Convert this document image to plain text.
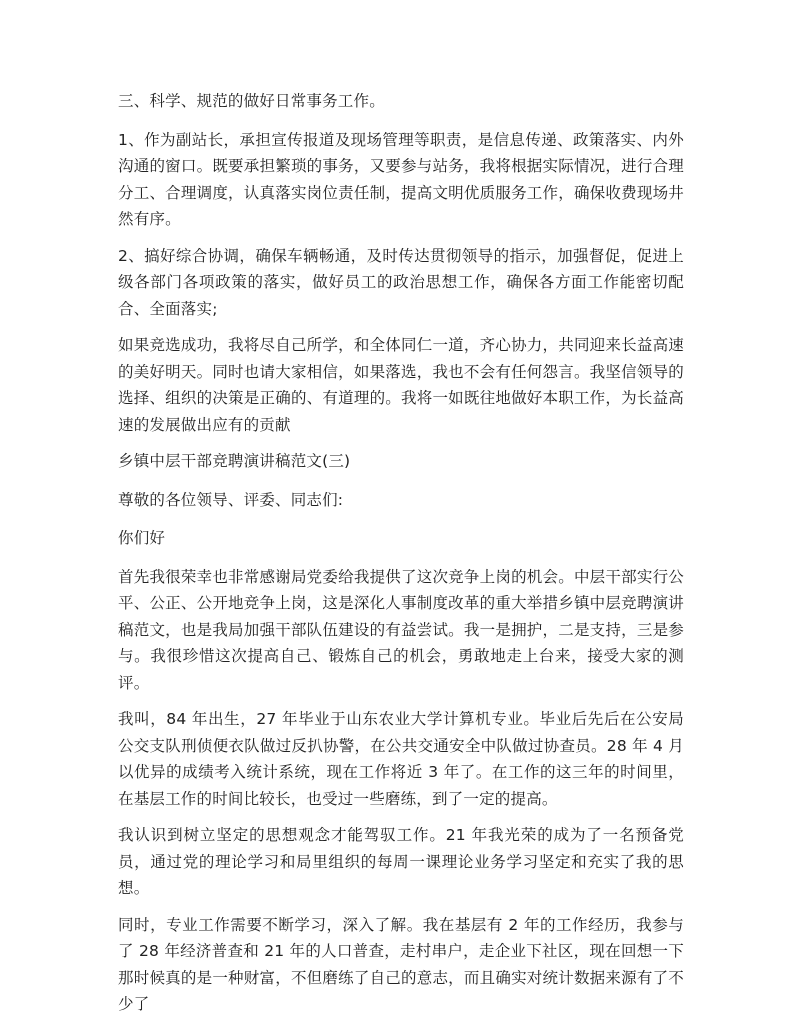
三、科学、规范的做好日常事务工作。

1、作为副站长，承担宣传报道及现场管理等职责，是信息传递、政策落实、内外沟通的窗口。既要承担繁琐的事务，又要参与站务，我将根据实际情况，进行合理分工、合理调度，认真落实岗位责任制，提高文明优质服务工作，确保收费现场井然有序。

2、搞好综合协调，确保车辆畅通，及时传达贯彻领导的指示，加强督促，促进上级各部门各项政策的落实，做好员工的政治思想工作，确保各方面工作能密切配合、全面落实;

如果竞选成功，我将尽自己所学，和全体同仁一道，齐心协力，共同迎来长益高速的美好明天。同时也请大家相信，如果落选，我也不会有任何怨言。我坚信领导的选择、组织的决策是正确的、有道理的。我将一如既往地做好本职工作，为长益高速的发展做出应有的贡献

乡镇中层干部竞聘演讲稿范文(三)

尊敬的各位领导、评委、同志们:

你们好

首先我很荣幸也非常感谢局党委给我提供了这次竞争上岗的机会。中层干部实行公平、公正、公开地竞争上岗，这是深化人事制度改革的重大举措乡镇中层竞聘演讲稿范文，也是我局加强干部队伍建设的有益尝试。我一是拥护，二是支持，三是参与。我很珍惜这次提高自己、锻炼自己的机会，勇敢地走上台来，接受大家的测评。

我叫，84 年出生，27 年毕业于山东农业大学计算机专业。毕业后先后在公安局公交支队刑侦便衣队做过反扒协警，在公共交通安全中队做过协查员。28 年 4 月以优异的成绩考入统计系统，现在工作将近 3 年了。在工作的这三年的时间里，在基层工作的时间比较长，也受过一些磨练，到了一定的提高。

我认识到树立坚定的思想观念才能驾驭工作。21 年我光荣的成为了一名预备党员，通过党的理论学习和局里组织的每周一课理论业务学习坚定和充实了我的思想。

同时，专业工作需要不断学习，深入了解。我在基层有 2 年的工作经历，我参与了 28 年经济普查和 21 年的人口普查，走村串户，走企业下社区，现在回想一下那时候真的是一种财富，不但磨练了自己的意志，而且确实对统计数据来源有了不少了
